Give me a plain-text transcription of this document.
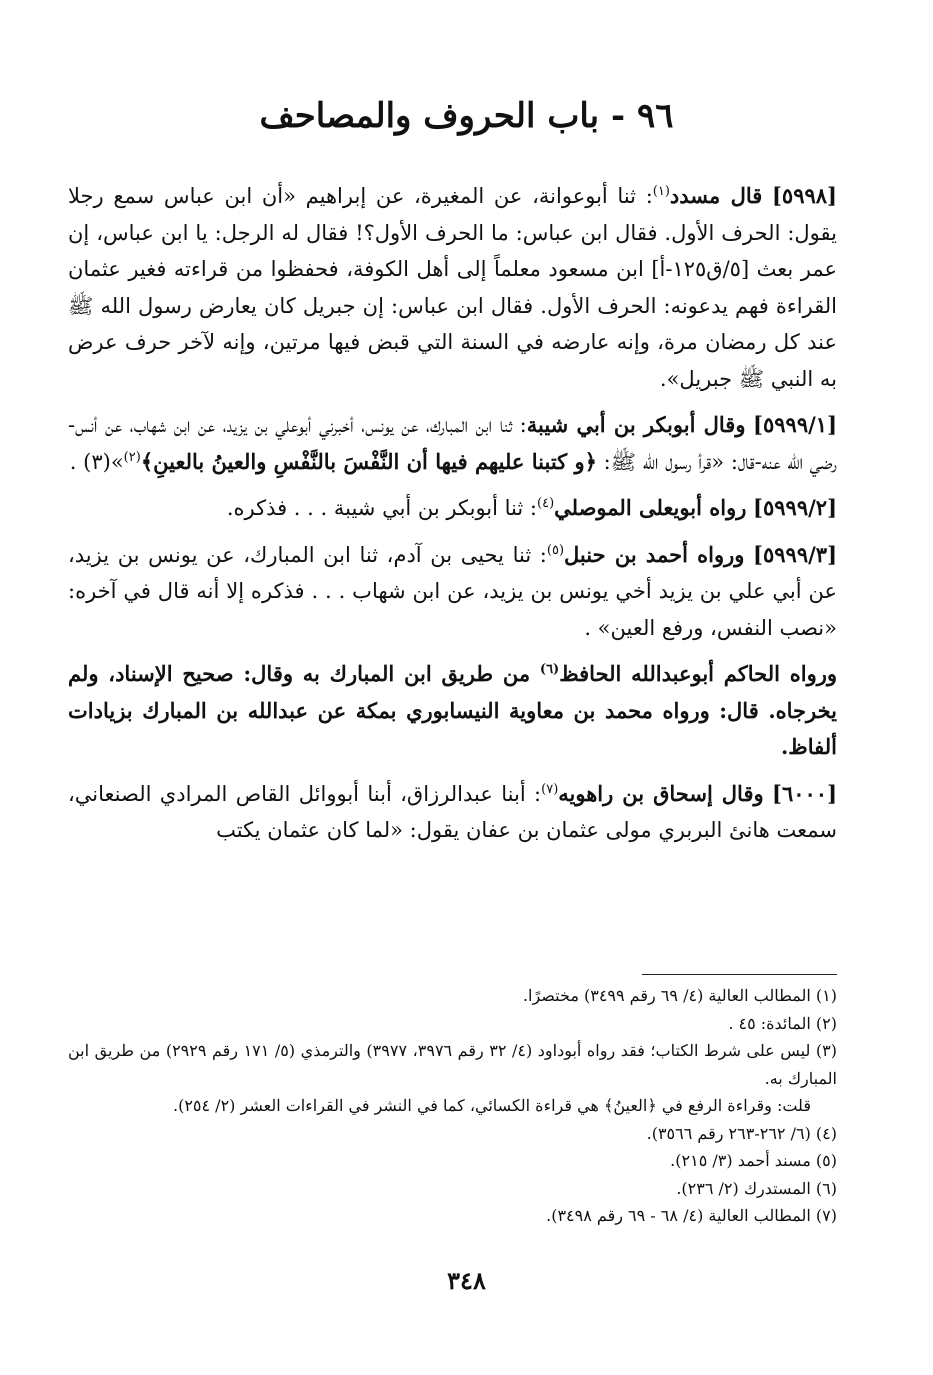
٩٦ - باب الحروف والمصاحف

[٥٩٩٨] قال مسدد$^{(١)}$: ثنا أبوعوانة، عن المغيرة، عن إبراهيم «أن ابن عباس سمع رجلا يقول: الحرف الأول. فقال ابن عباس: ما الحرف الأول؟! فقال له الرجل: يا ابن عباس، إن عمر بعث [٥/ق١٢٥-أ] ابن مسعود معلماً إلى أهل الكوفة، فحفظوا من قراءته فغير عثمان القراءة فهم يدعونه: الحرف الأول. فقال ابن عباس: إن جبريل كان يعارض رسول الله ﷺ عند كل رمضان مرة، وإنه عارضه في السنة التي قبض فيها مرتين، وإنه لآخر حرف عرض به النبي ﷺ جبريل».

[٥٩٩٩/١] وقال أبوبكر بن أبي شيبة: ثنا ابن المبارك، عن يونس، أخبرني أبوعلي بن يزيد، عن ابن شهاب، عن أنس-رضي الله عنه-قال: «قرأ رسول الله ﷺ: ﴿و كتبنا عليهم فيها أن النَّفْسَ بالنَّفْسِ والعينُ بالعينِ﴾$^{(٢)}$»(٣) .

[٥٩٩٩/٢] رواه أبويعلى الموصلي$^{(٤)}$: ثنا أبوبكر بن أبي شيبة . . . فذكره.

[٥٩٩٩/٣] ورواه أحمد بن حنبل$^{(٥)}$: ثنا يحيى بن آدم، ثنا ابن المبارك، عن يونس بن يزيد، عن أبي علي بن يزيد أخي يونس بن يزيد، عن ابن شهاب . . . فذكره إلا أنه قال في آخره: «نصب النفس، ورفع العين» .

ورواه الحاكم أبوعبدالله الحافظ$^{(٦)}$ من طريق ابن المبارك به وقال: صحيح الإسناد، ولم يخرجاه. قال: ورواه محمد بن معاوية النيسابوري بمكة عن عبدالله بن المبارك بزيادات ألفاظ.

[٦٠٠٠] وقال إسحاق بن راهويه$^{(٧)}$: أبنا عبدالرزاق، أبنا أبووائل القاص المرادي الصنعاني، سمعت هانئ البربري مولى عثمان بن عفان يقول: «لما كان عثمان يكتب

(١) المطالب العالية (٤/ ٦٩ رقم ٣٤٩٩) مختصرًا.

(٢) المائدة: ٤٥ .

(٣) ليس على شرط الكتاب؛ فقد رواه أبوداود (٤/ ٣٢ رقم ٣٩٧٦، ٣٩٧٧) والترمذي (٥/ ١٧١ رقم ٢٩٢٩) من طريق ابن المبارك به.

قلت: وقراءة الرفع في ﴿العينُ﴾ هي قراءة الكسائي، كما في النشر في القراءات العشر (٢/ ٢٥٤).

(٤) (٦/ ٢٦٢-٢٦٣ رقم ٣٥٦٦).

(٥) مسند أحمد (٣/ ٢١٥).

(٦) المستدرك (٢/ ٢٣٦).

(٧) المطالب العالية (٤/ ٦٨ - ٦٩ رقم ٣٤٩٨).

٣٤٨
